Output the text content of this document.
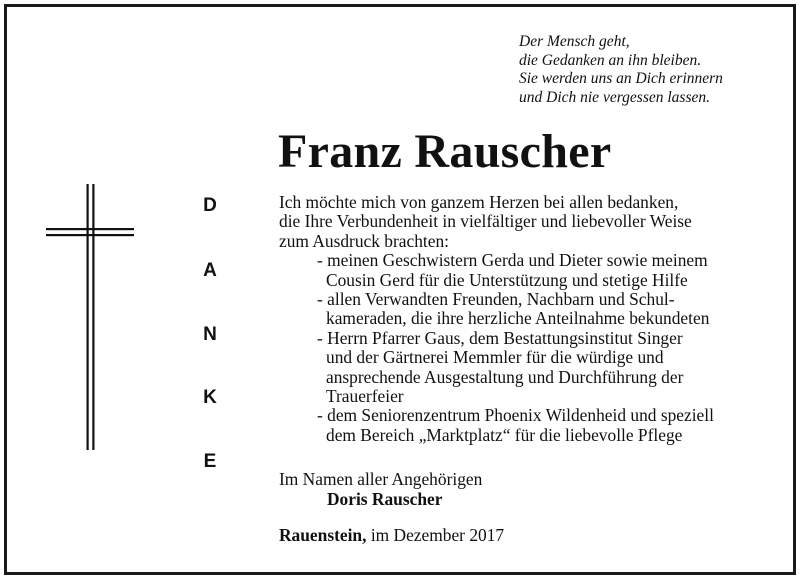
Der Mensch geht,
die Gedanken an ihn bleiben.
Sie werden uns an Dich erinnern
und Dich nie vergessen lassen.
Franz Rauscher
D
A
N
K
E
Ich möchte mich von ganzem Herzen bei allen bedanken,
die Ihre Verbundenheit in vielfältiger und liebevoller Weise
zum Ausdruck brachten:
- meinen Geschwistern Gerda und Dieter sowie meinem
Cousin Gerd für die Unterstützung und stetige Hilfe
- allen Verwandten Freunden, Nachbarn und Schul-
kameraden, die ihre herzliche Anteilnahme bekundeten
- Herrn Pfarrer Gaus, dem Bestattungsinstitut Singer
und der Gärtnerei Memmler für die würdige und
ansprechende Ausgestaltung und Durchführung der
Trauerfeier
- dem Seniorenzentrum Phoenix Wildenheid und speziell
dem Bereich „Marktplatz“ für die liebevolle Pflege
Im Namen aller Angehörigen
Doris Rauscher
Rauenstein, im Dezember 2017
